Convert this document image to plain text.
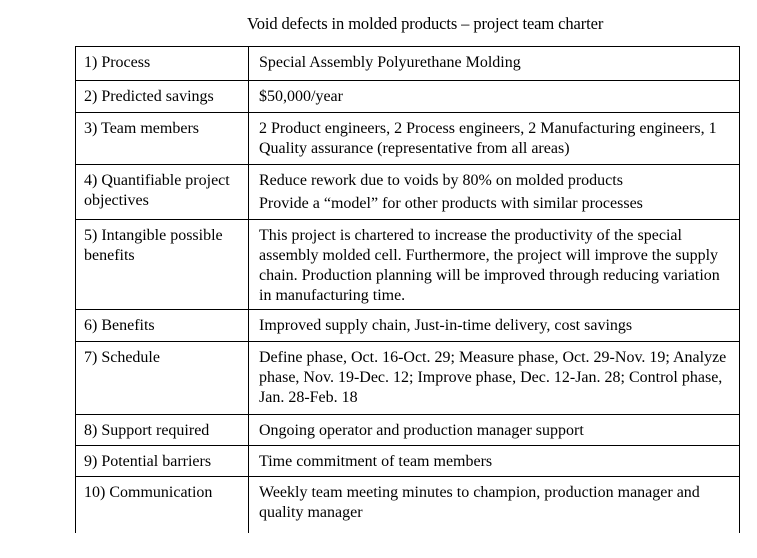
Void defects in molded products – project team charter
1) Process	Special Assembly Polyurethane Molding

2) Predicted savings	$50,000/year

3) Team members	2 Product engineers, 2 Process engineers, 2 Manufacturing engineers, 1 Quality assurance (representative from all areas)

4) Quantifiable project objectives	Reduce rework due to voids by 80% on molded products
Provide a “model” for other products with similar processes

5) Intangible possible benefits	This project is chartered to increase the productivity of the special assembly molded cell. Furthermore, the project will improve the supply chain. Production planning will be improved through reducing variation in manufacturing time.

6) Benefits	Improved supply chain, Just-in-time delivery, cost savings

7) Schedule	Define phase, Oct. 16-Oct. 29; Measure phase, Oct. 29-Nov. 19; Analyze phase, Nov. 19-Dec. 12; Improve phase, Dec. 12-Jan. 28; Control phase, Jan. 28-Feb. 18

8) Support required	Ongoing operator and production manager support

9) Potential barriers	Time commitment of team members

10) Communication	Weekly team meeting minutes to champion, production manager and quality manager
